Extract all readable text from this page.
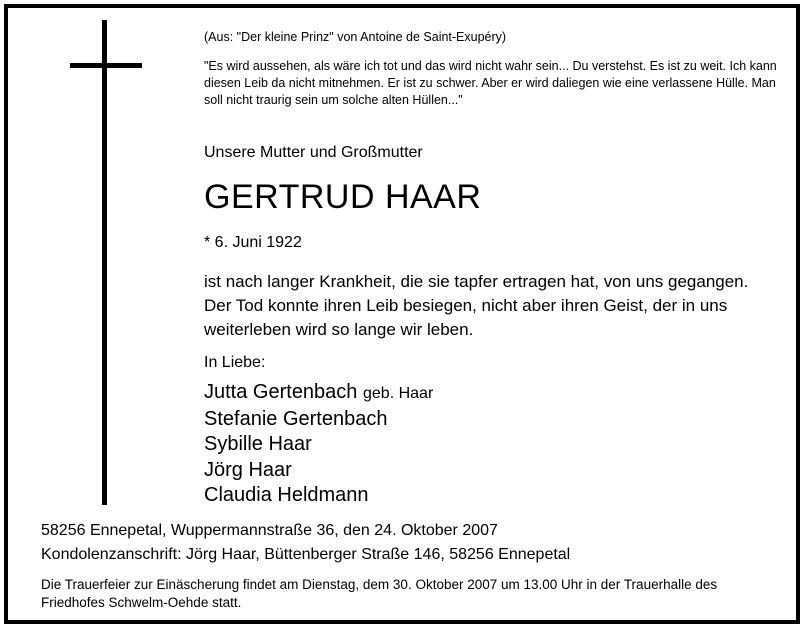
(Aus: "Der kleine Prinz" von Antoine de Saint-Exupéry)
"Es wird aussehen, als wäre ich tot und das wird nicht wahr sein... Du verstehst. Es ist zu weit. Ich kann diesen Leib da nicht mitnehmen. Er ist zu schwer. Aber er wird daliegen wie eine verlassene Hülle. Man soll nicht traurig sein um solche alten Hüllen..."
Unsere Mutter und Großmutter
GERTRUD HAAR
* 6. Juni 1922
ist nach langer Krankheit, die sie tapfer ertragen hat, von uns gegangen. Der Tod konnte ihren Leib besiegen, nicht aber ihren Geist, der in uns weiterleben wird so lange wir leben.
In Liebe:
Jutta Gertenbach geb. Haar
Stefanie Gertenbach
Sybille Haar
Jörg Haar
Claudia Heldmann
58256 Ennepetal, Wuppermannstraße 36, den 24. Oktober 2007
Kondolenzanschrift: Jörg Haar, Büttenberger Straße 146, 58256 Ennepetal
Die Trauerfeier zur Einäscherung findet am Dienstag, dem 30. Oktober 2007 um 13.00 Uhr in der Trauerhalle des Friedhofes Schwelm-Oehde statt.
